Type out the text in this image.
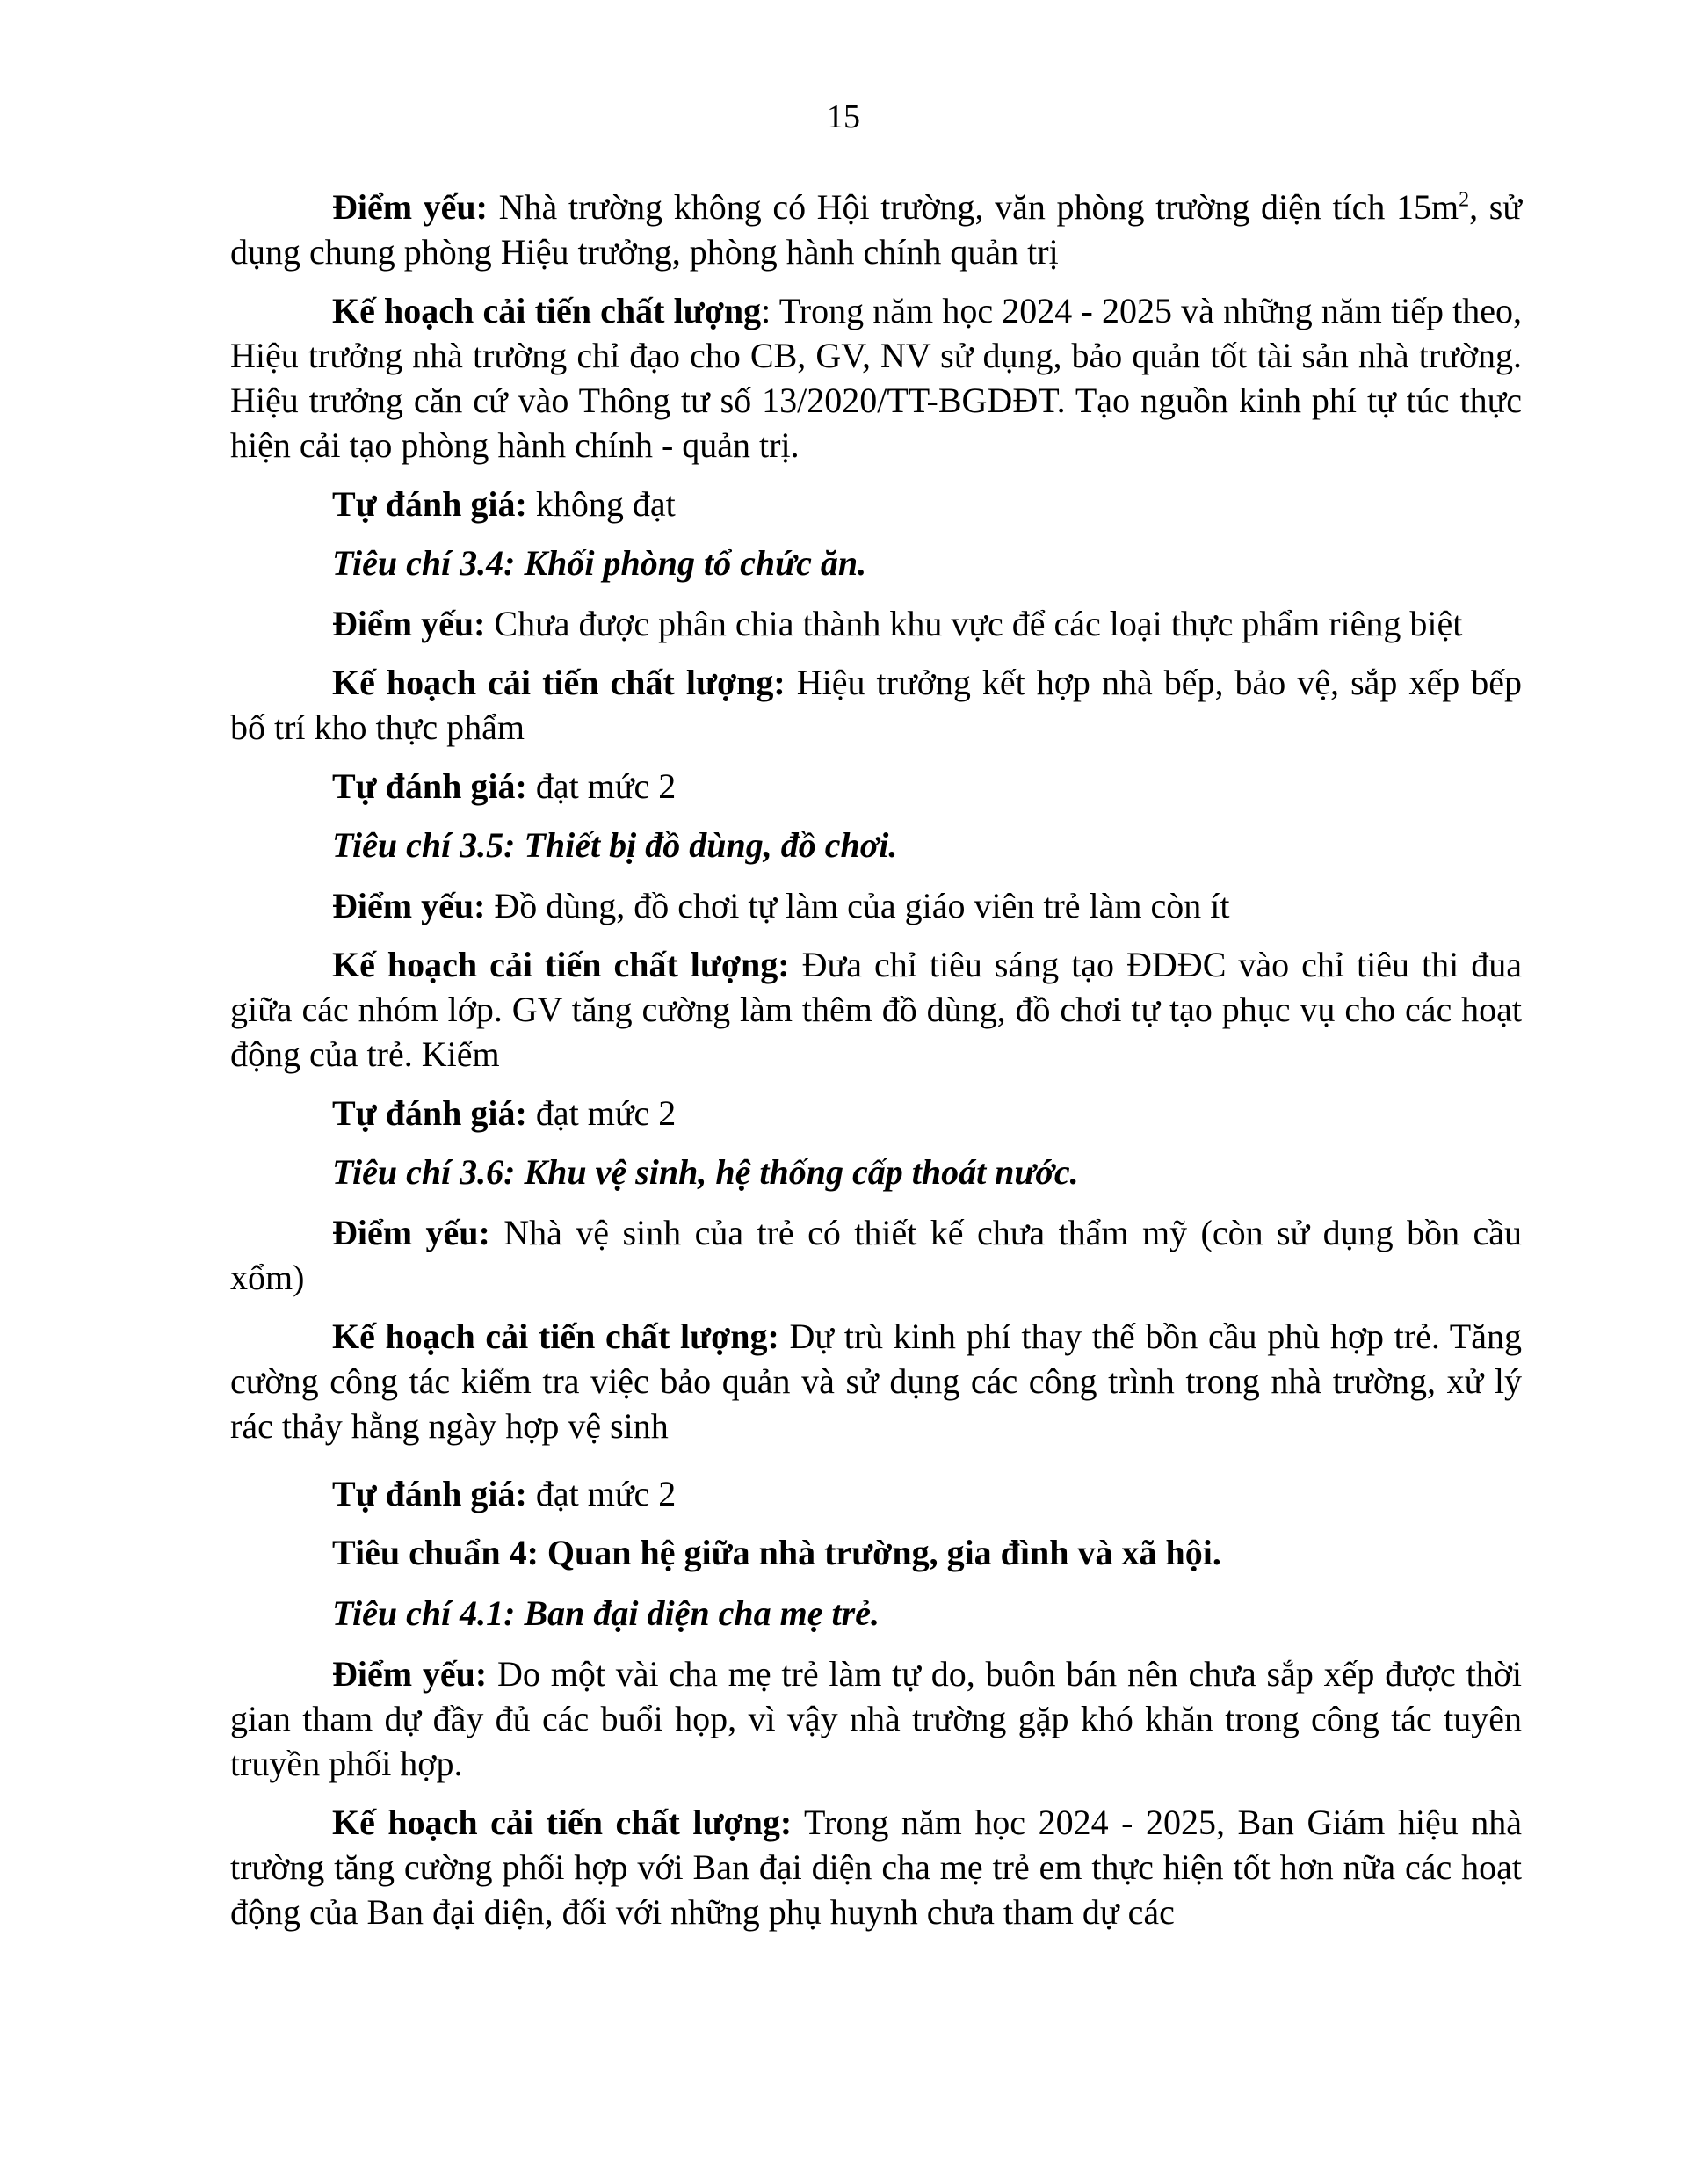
15

Điểm yếu: Nhà trường không có Hội trường, văn phòng trường diện tích $15m^2$, sử dụng chung phòng Hiệu trưởng, phòng hành chính quản trị

Kế hoạch cải tiến chất lượng: Trong năm học 2024 - 2025 và những năm tiếp theo, Hiệu trưởng nhà trường chỉ đạo cho CB, GV, NV sử dụng, bảo quản tốt tài sản nhà trường. Hiệu trưởng căn cứ vào Thông tư số 13/2020/TT-BGDĐT. Tạo nguồn kinh phí tự túc thực hiện cải tạo phòng hành chính - quản trị.

Tự đánh giá: không đạt

Tiêu chí 3.4: Khối phòng tổ chức ăn.

Điểm yếu: Chưa được phân chia thành khu vực để các loại thực phẩm riêng biệt

Kế hoạch cải tiến chất lượng: Hiệu trưởng kết hợp nhà bếp, bảo vệ, sắp xếp bếp bố trí kho thực phẩm

Tự đánh giá: đạt mức 2

Tiêu chí 3.5: Thiết bị đồ dùng, đồ chơi.

Điểm yếu: Đồ dùng, đồ chơi tự làm của giáo viên trẻ làm còn ít

Kế hoạch cải tiến chất lượng: Đưa chỉ tiêu sáng tạo ĐDĐC vào chỉ tiêu thi đua giữa các nhóm lớp. GV tăng cường làm thêm đồ dùng, đồ chơi tự tạo phục vụ cho các hoạt động của trẻ. Kiểm

Tự đánh giá: đạt mức 2

Tiêu chí 3.6: Khu vệ sinh, hệ thống cấp thoát nước.

Điểm yếu: Nhà vệ sinh của trẻ có thiết kế chưa thẩm mỹ (còn sử dụng bồn cầu xổm)

Kế hoạch cải tiến chất lượng: Dự trù kinh phí thay thế bồn cầu phù hợp trẻ. Tăng cường công tác kiểm tra việc bảo quản và sử dụng các công trình trong nhà trường, xử lý rác thảy hằng ngày hợp vệ sinh

Tự đánh giá: đạt mức 2

Tiêu chuẩn 4: Quan hệ giữa nhà trường, gia đình và xã hội.

Tiêu chí 4.1: Ban đại diện cha mẹ trẻ.

Điểm yếu: Do một vài cha mẹ trẻ làm tự do, buôn bán nên chưa sắp xếp được thời gian tham dự đầy đủ các buổi họp, vì vậy nhà trường gặp khó khăn trong công tác tuyên truyền phối hợp.

Kế hoạch cải tiến chất lượng: Trong năm học 2024 - 2025, Ban Giám hiệu nhà trường tăng cường phối hợp với Ban đại diện cha mẹ trẻ em thực hiện tốt hơn nữa các hoạt động của Ban đại diện, đối với những phụ huynh chưa tham dự các
